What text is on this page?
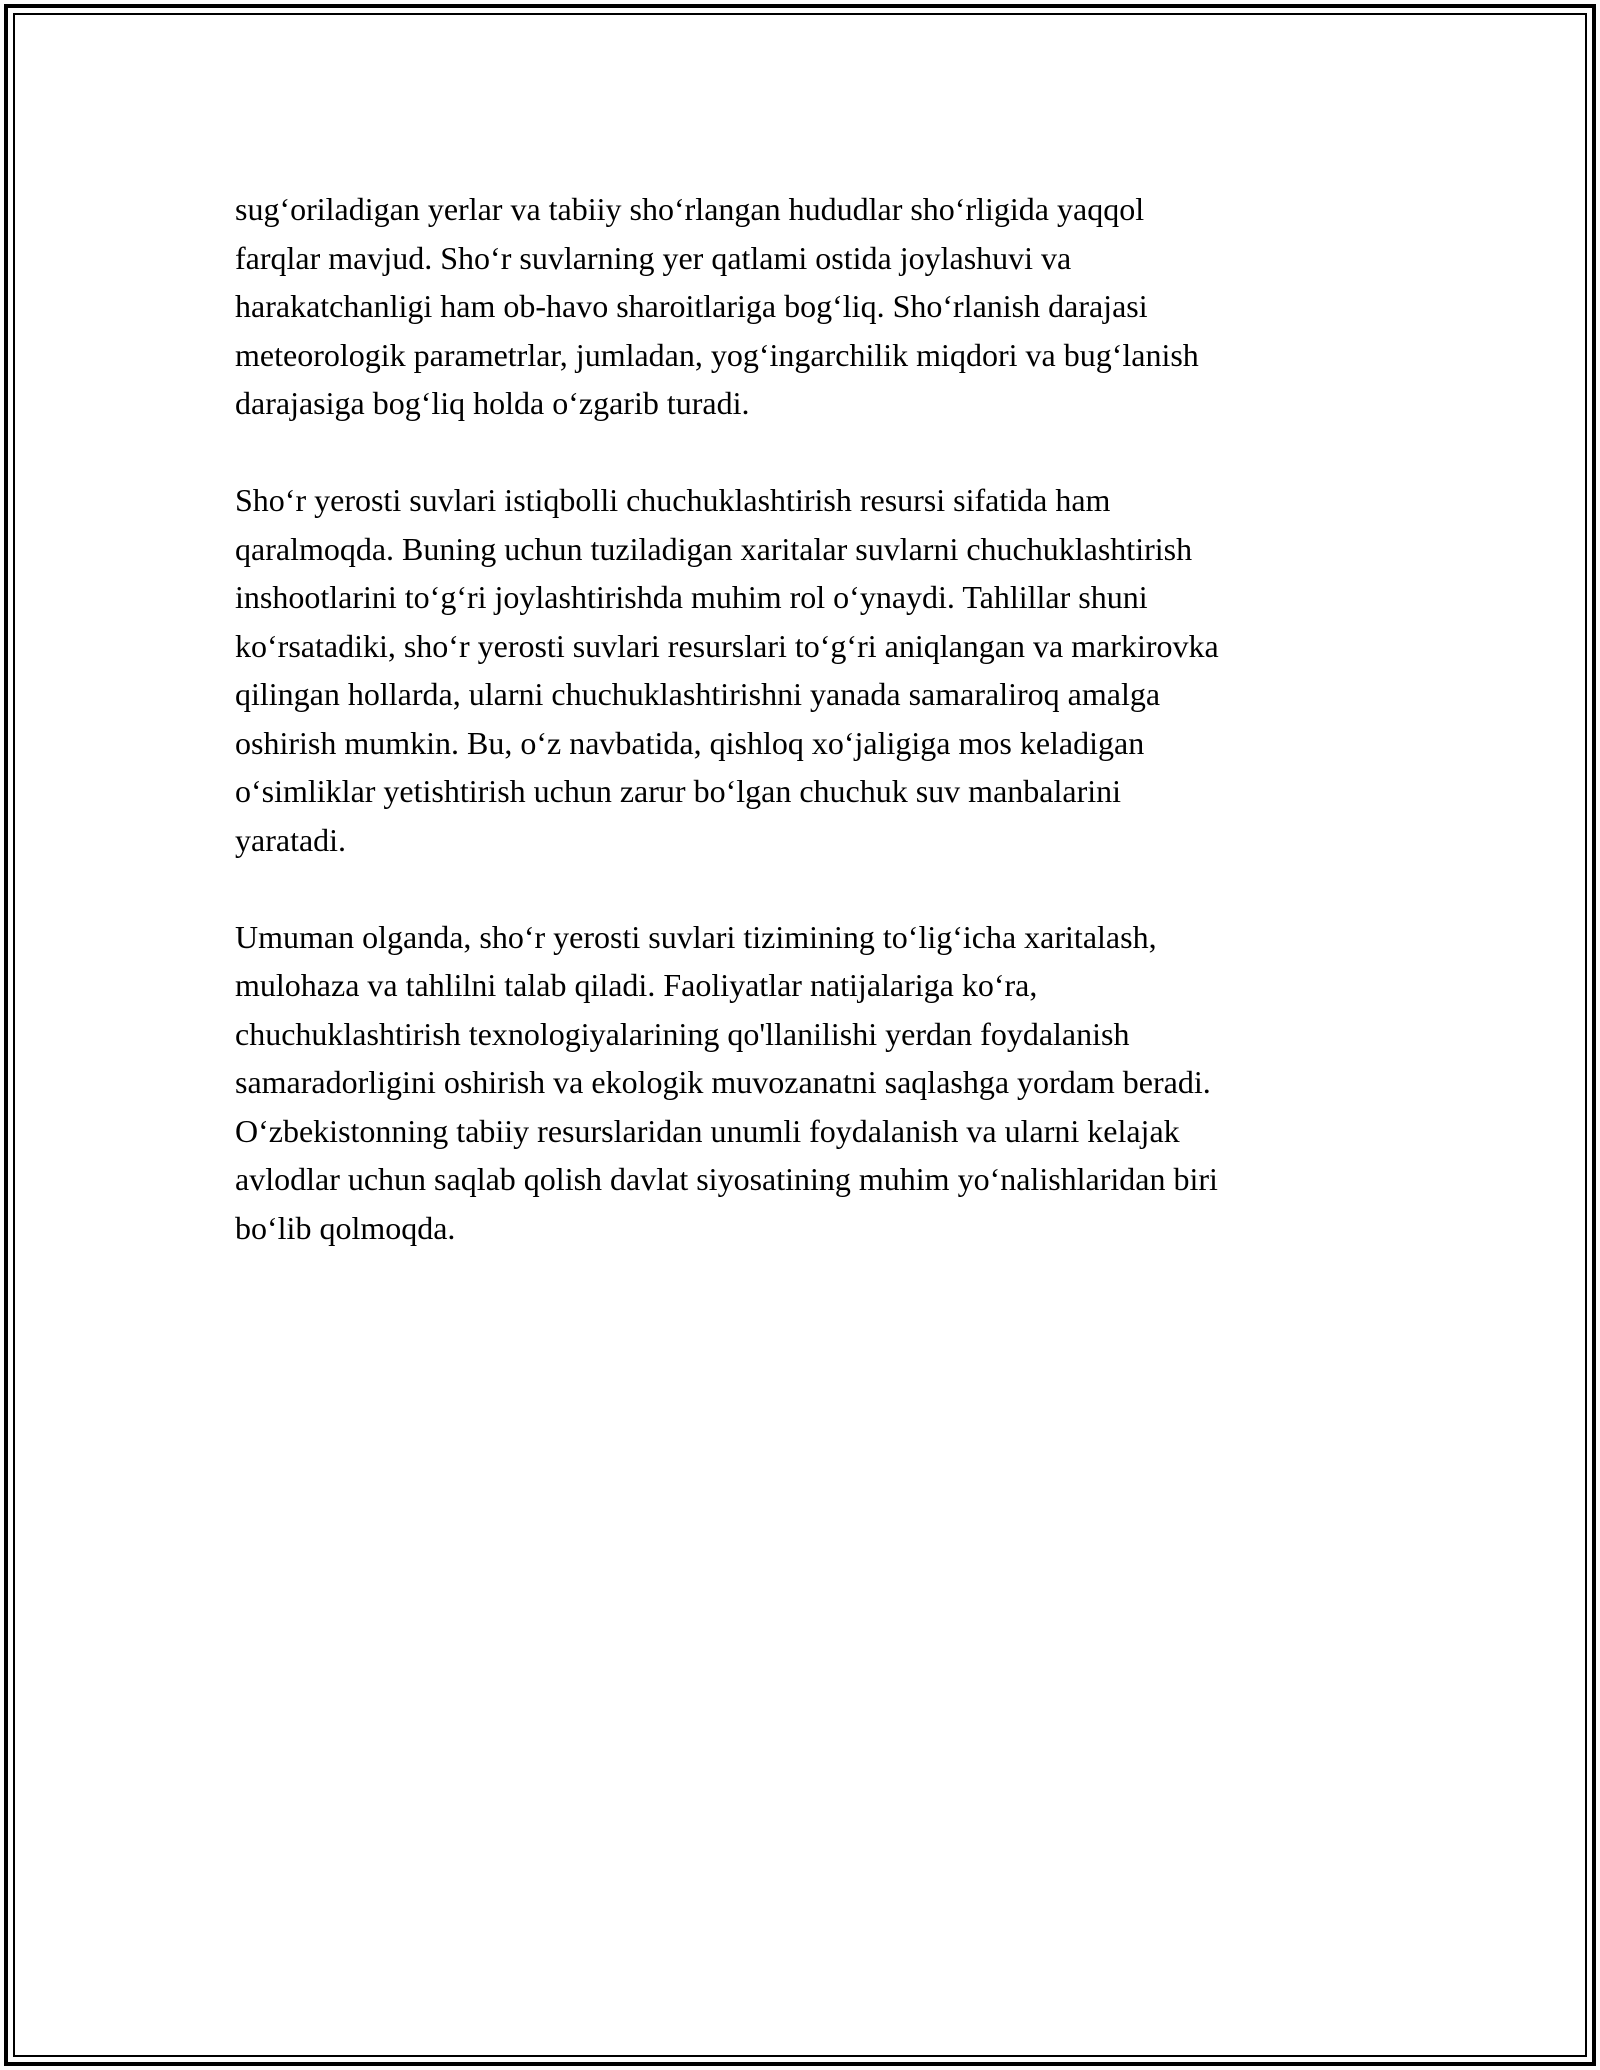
sug‘oriladigan yerlar va tabiiy sho‘rlangan hududlar sho‘rligida yaqqol
farqlar mavjud. Sho‘r suvlarning yer qatlami ostida joylashuvi va
harakatchanligi ham ob-havo sharoitlariga bog‘liq. Sho‘rlanish darajasi
meteorologik parametrlar, jumladan, yog‘ingarchilik miqdori va bug‘lanish
darajasiga bog‘liq holda o‘zgarib turadi.

Sho‘r yerosti suvlari istiqbolli chuchuklashtirish resursi sifatida ham
qaralmoqda. Buning uchun tuziladigan xaritalar suvlarni chuchuklashtirish
inshootlarini to‘g‘ri joylashtirishda muhim rol o‘ynaydi. Tahlillar shuni
ko‘rsatadiki, sho‘r yerosti suvlari resurslari to‘g‘ri aniqlangan va markirovka
qilingan hollarda, ularni chuchuklashtirishni yanada samaraliroq amalga
oshirish mumkin. Bu, o‘z navbatida, qishloq xo‘jaligiga mos keladigan
o‘simliklar yetishtirish uchun zarur bo‘lgan chuchuk suv manbalarini
yaratadi.

Umuman olganda, sho‘r yerosti suvlari tizimining to‘lig‘icha xaritalash,
mulohaza va tahlilni talab qiladi. Faoliyatlar natijalariga ko‘ra,
chuchuklashtirish texnologiyalarining qo'llanilishi yerdan foydalanish
samaradorligini oshirish va ekologik muvozanatni saqlashga yordam beradi.
O‘zbekistonning tabiiy resurslaridan unumli foydalanish va ularni kelajak
avlodlar uchun saqlab qolish davlat siyosatining muhim yo‘nalishlaridan biri
bo‘lib qolmoqda.
